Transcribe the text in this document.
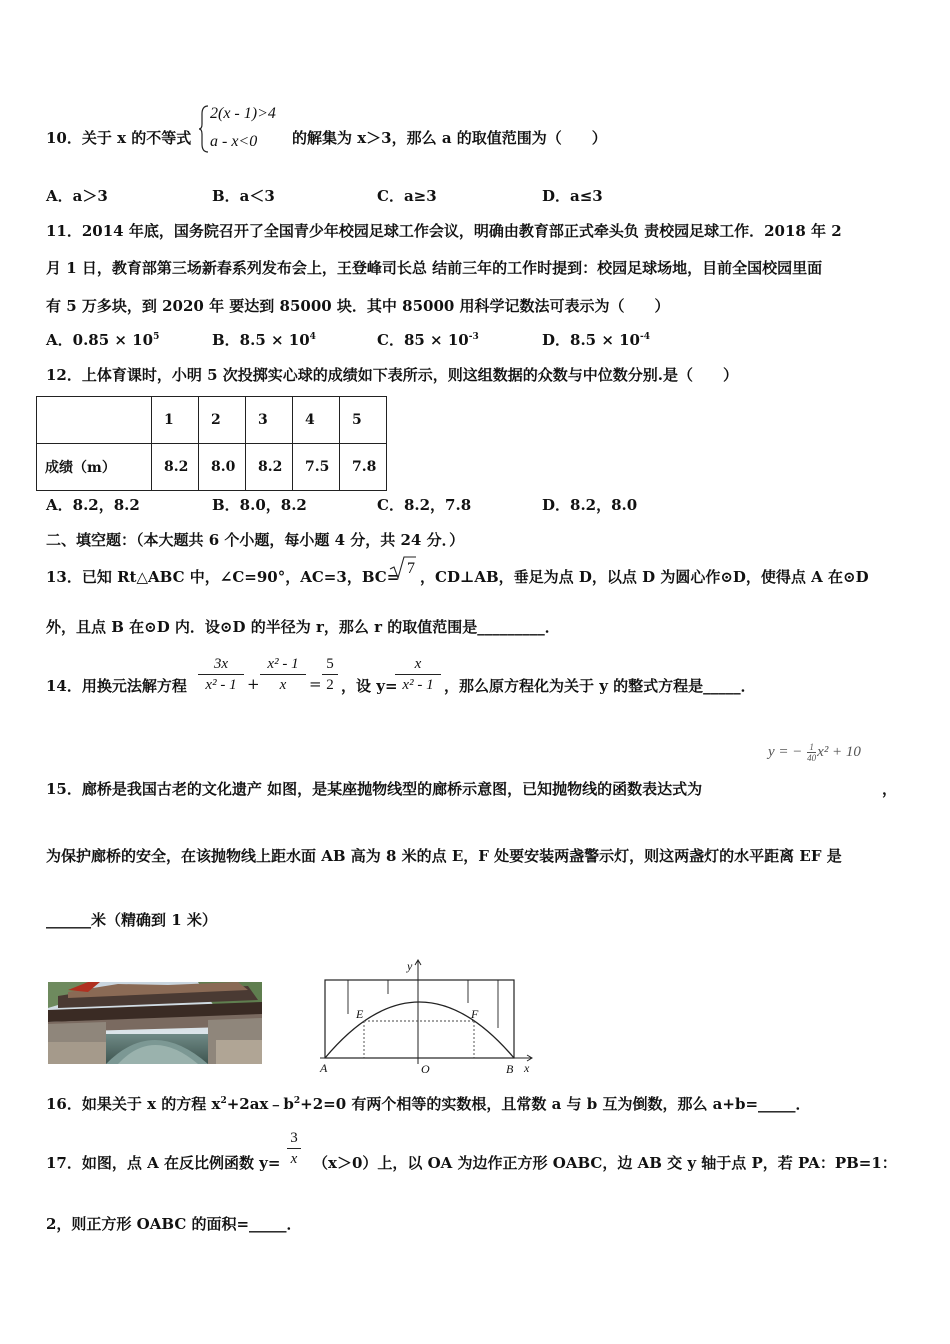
10．关于 x 的不等式
2(x - 1)>4
a - x<0 的解集为 x＞3，那么 a 的取值范围为（　　）
A．a＞3	B．a＜3	C．a≥3	D．a≤3
11．2014 年底，国务院召开了全国青少年校园足球工作会议，明确由教育部正式牵头负 责校园足球工作．2018 年 2
月 1 日，教育部第三场新春系列发布会上，王登峰司长总 结前三年的工作时提到：校园足球场地，目前全国校园里面
有 5 万多块，到 2020 年 要达到 85000 块．其中 85000 用科学记数法可表示为（　　）
A．$0.85 \times 10^5$	B．$8.5 \times 10^4$	C．$85 \times 10^{-3}$	D．$8.5 \times 10^{-4}$
12．上体育课时，小明 5 次投掷实心球的成绩如下表所示，则这组数据的众数与中位数分别.是（　　）
	1	2	3	4	5
成绩（m）	8.2	8.0	8.2	7.5	7.8
A．8.2，8.2	B．8.0，8.2	C．8.2，7.8	D．8.2，8.0
二、填空题：（本大题共 6 个小题，每小题 4 分，共 24 分．）
13．已知 Rt△ABC 中，∠C=90°，AC=3，BC= 7 ，CD⊥AB，垂足为点 D，以点 D 为圆心作⊙D，使得点 A 在⊙D
外，且点 B 在⊙D 内．设⊙D 的半径为 r，那么 r 的取值范围是_________．
14．用换元法解方程 $\frac{3x}{\text{x² - 1}} + \frac{\text{x² - 1}}{x} = \frac{5}{2}$ ，设 y=
$\frac{x}{\text{x² - 1}}$ ，那么原方程化为关于 y 的整式方程是_____．
y = − $\frac{1}{40} x^2 + 10$
15．廊桥是我国古老的文化遗产 如图，是某座抛物线型的廊桥示意图，已知抛物线的函数表达式为	，
为保护廊桥的安全，在该抛物线上距水面 AB 高为 8 米的点 E，F 处要安装两盏警示灯，则这两盏灯的水平距离 EF 是
______米（精确到 1 米）
y
x
E	F
A	O	B
16．如果关于 x 的方程 $x^2+2ax﹣b^2+2=0$ 有两个相等的实数根，且常数 a 与 b 互为倒数，那么 a+b=_____．
17．如图，点 A 在反比例函数 $y= \frac{3}{x} (x>0)$上，以 OA 为边作正方形 OABC，边 AB 交 y 轴于点 P，若 PA：PB=1：
2，则正方形 OABC 的面积=_____．
